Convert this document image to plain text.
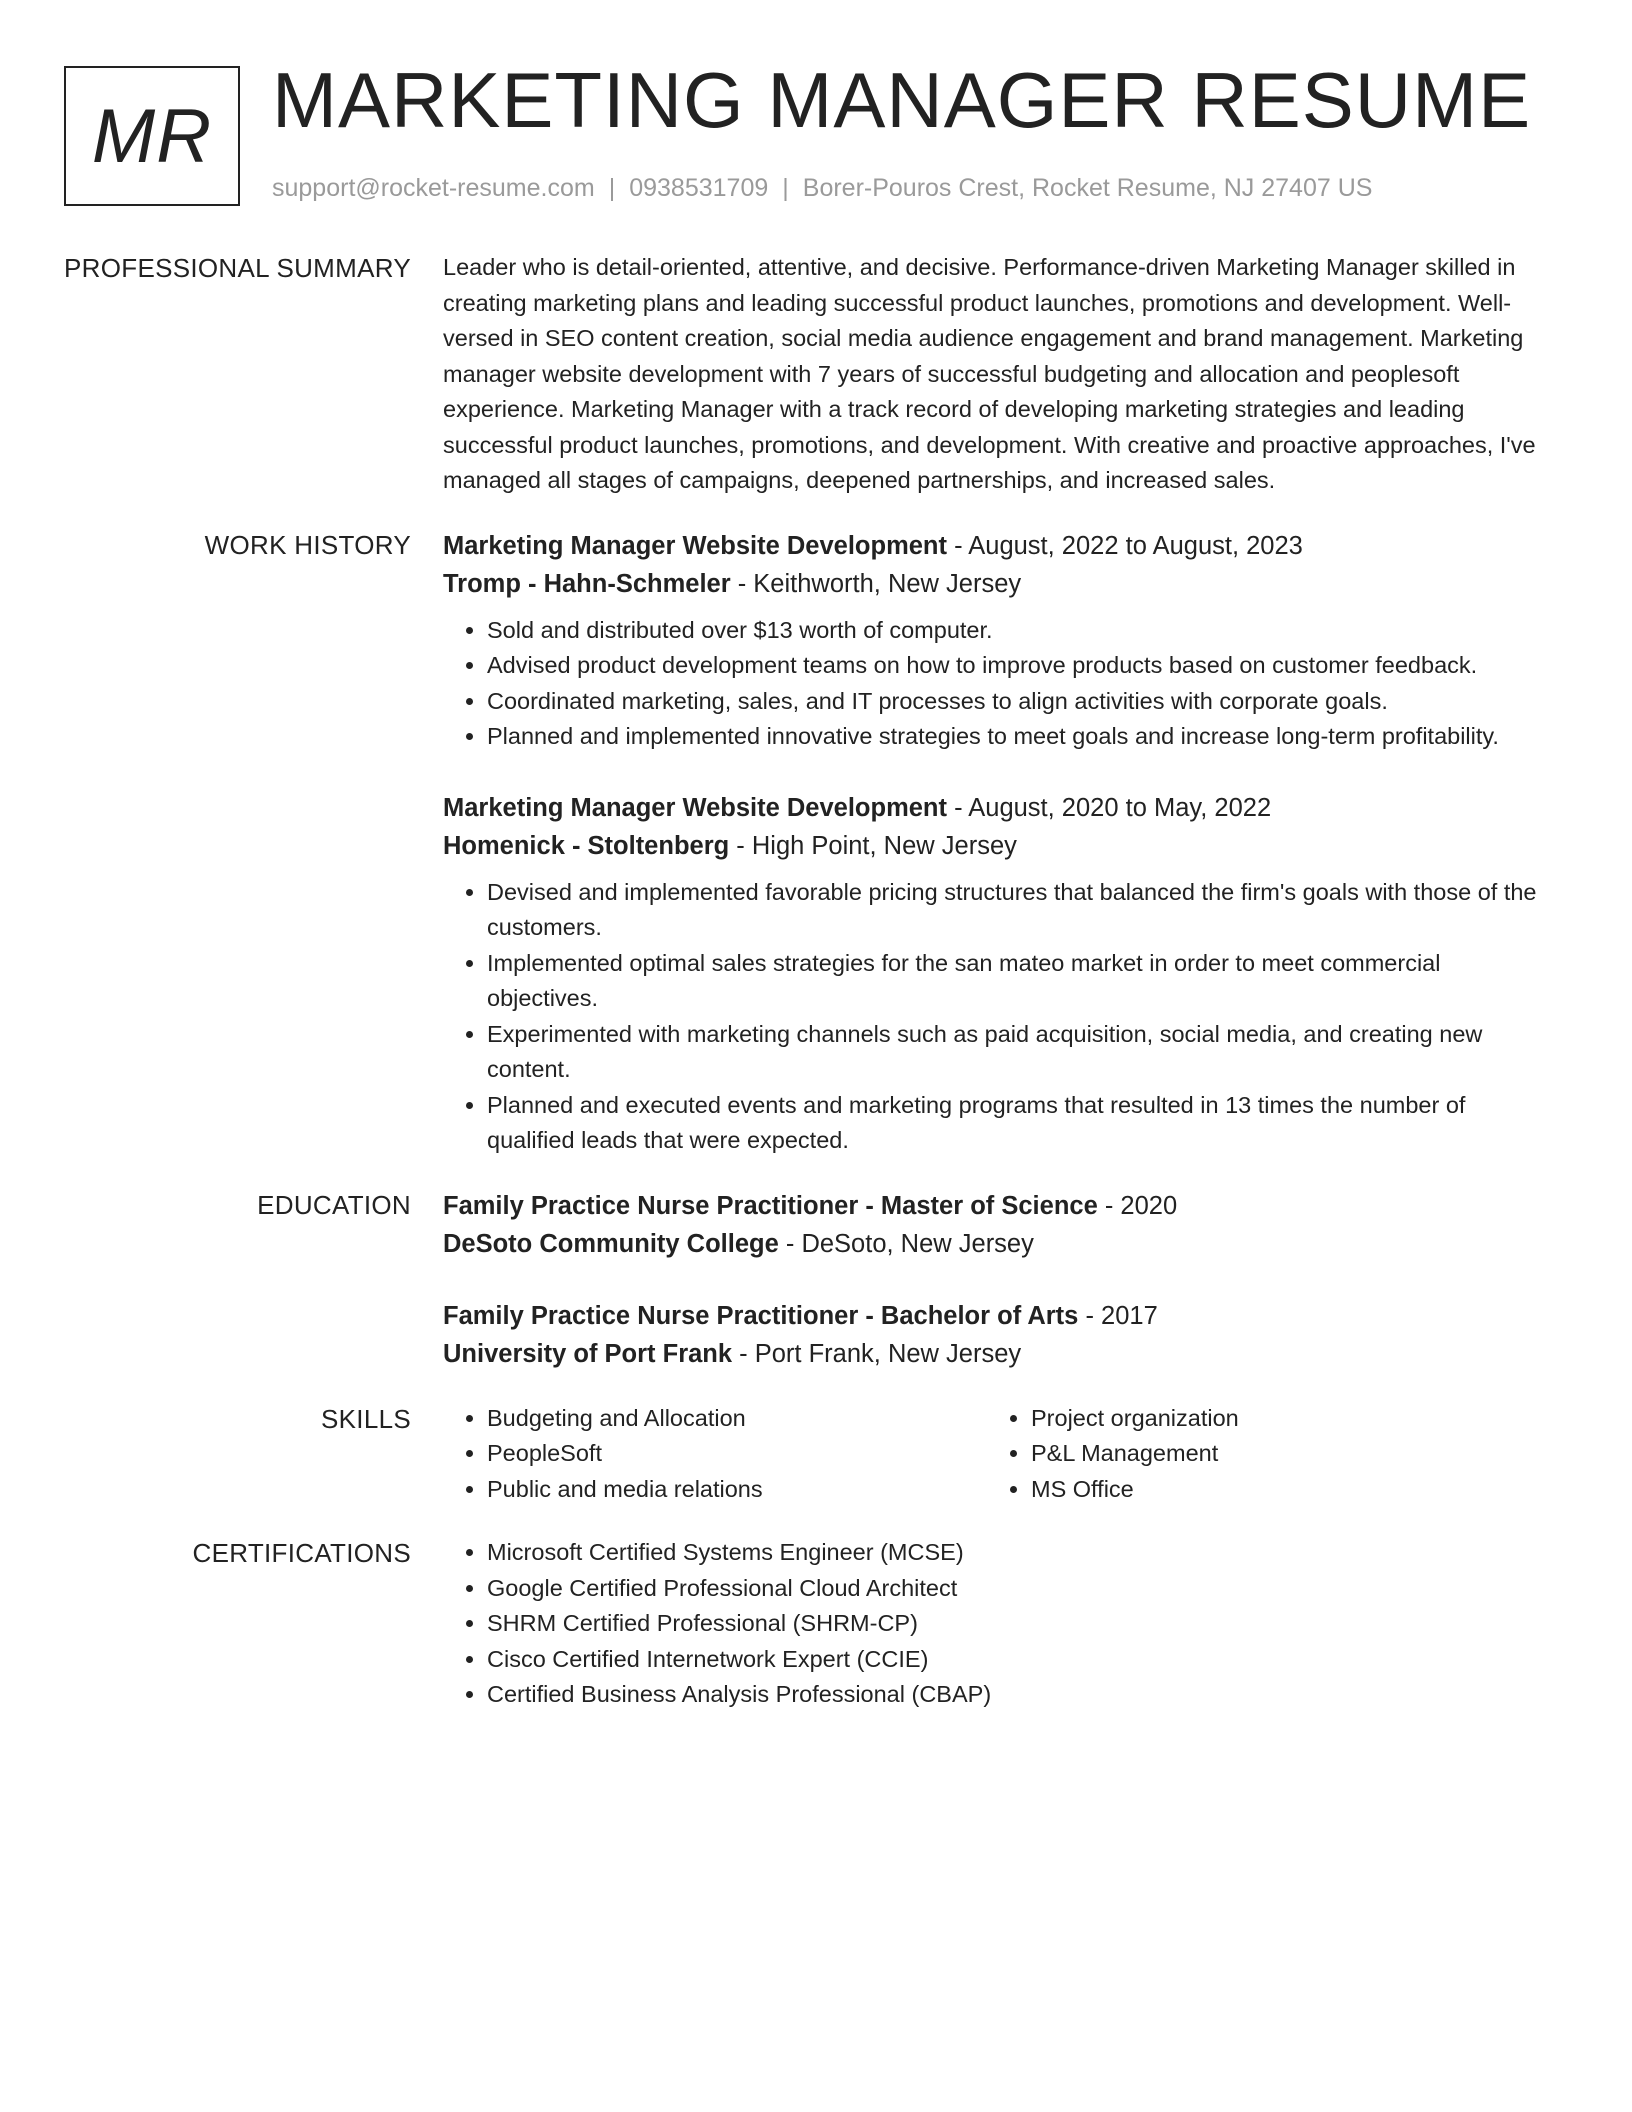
MR MARKETING MANAGER RESUME
support@rocket-resume.com | 0938531709 | Borer-Pouros Crest, Rocket Resume, NJ 27407 US
PROFESSIONAL SUMMARY Leader who is detail-oriented, attentive, and decisive. Performance-driven Marketing Manager skilled in creating marketing plans and leading successful product launches, promotions and development. Well-versed in SEO content creation, social media audience engagement and brand management. Marketing manager website development with 7 years of successful budgeting and allocation and peoplesoft experience. Marketing Manager with a track record of developing marketing strategies and leading successful product launches, promotions, and development. With creative and proactive approaches, I've managed all stages of campaigns, deepened partnerships, and increased sales.

WORK HISTORY Marketing Manager Website Development - August, 2022 to August, 2023
Tromp - Hahn-Schmeler - Keithworth, New Jersey
• Sold and distributed over $13 worth of computer.
• Advised product development teams on how to improve products based on customer feedback.
• Coordinated marketing, sales, and IT processes to align activities with corporate goals.
• Planned and implemented innovative strategies to meet goals and increase long-term profitability.
Marketing Manager Website Development - August, 2020 to May, 2022
Homenick - Stoltenberg - High Point, New Jersey
• Devised and implemented favorable pricing structures that balanced the firm's goals with those of the customers.
• Implemented optimal sales strategies for the san mateo market in order to meet commercial objectives.
• Experimented with marketing channels such as paid acquisition, social media, and creating new content.
• Planned and executed events and marketing programs that resulted in 13 times the number of qualified leads that were expected.
EDUCATION Family Practice Nurse Practitioner - Master of Science - 2020
DeSoto Community College - DeSoto, New Jersey
Family Practice Nurse Practitioner - Bachelor of Arts - 2017
University of Port Frank - Port Frank, New Jersey
SKILLS	• Budgeting and Allocation
• PeopleSoft
• Public and media relations
• Project organization
• P&L Management
• MS Office
CERTIFICATIONS	• Microsoft Certified Systems Engineer (MCSE)
• Google Certified Professional Cloud Architect
• SHRM Certified Professional (SHRM-CP)
• Cisco Certified Internetwork Expert (CCIE)
• Certified Business Analysis Professional (CBAP)
